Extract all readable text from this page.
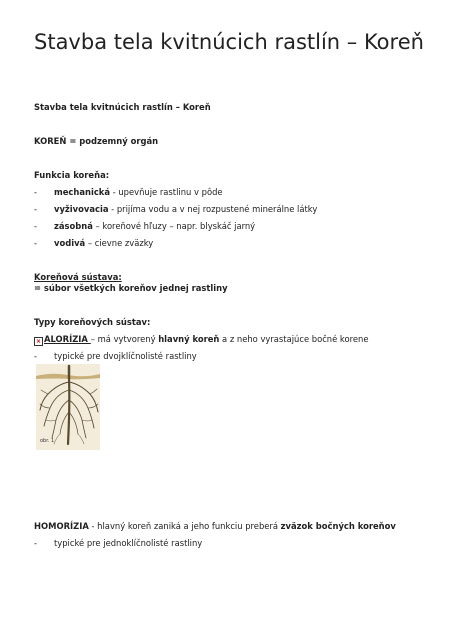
Stavba tela kvitnúcich rastlín – Koreň
Stavba tela kvitnúcich rastlín – Koreň
KOREŇ = podzemný orgán
Funkcia koreňa:
- mechanická - upevňuje rastlinu v pôde
- vyživovacia - prijíma vodu a v nej rozpustené minerálne látky
- zásobná – koreňové hľuzy – napr. blyskáč jarný
- vodivá – cievne zväzky
Koreňová sústava:
= súbor všetkých koreňov jednej rastliny
Typy koreňových sústav:
× ALORÍZIA – má vytvorený hlavný koreň a z neho vyrastajúce bočné korene
- typické pre dvojklíčnolisté rastliny
obr. 1
HOMORÍZIA - hlavný koreň zaniká a jeho funkciu preberá zväzok bočných koreňov
- typické pre jednoklíčnolisté rastliny
